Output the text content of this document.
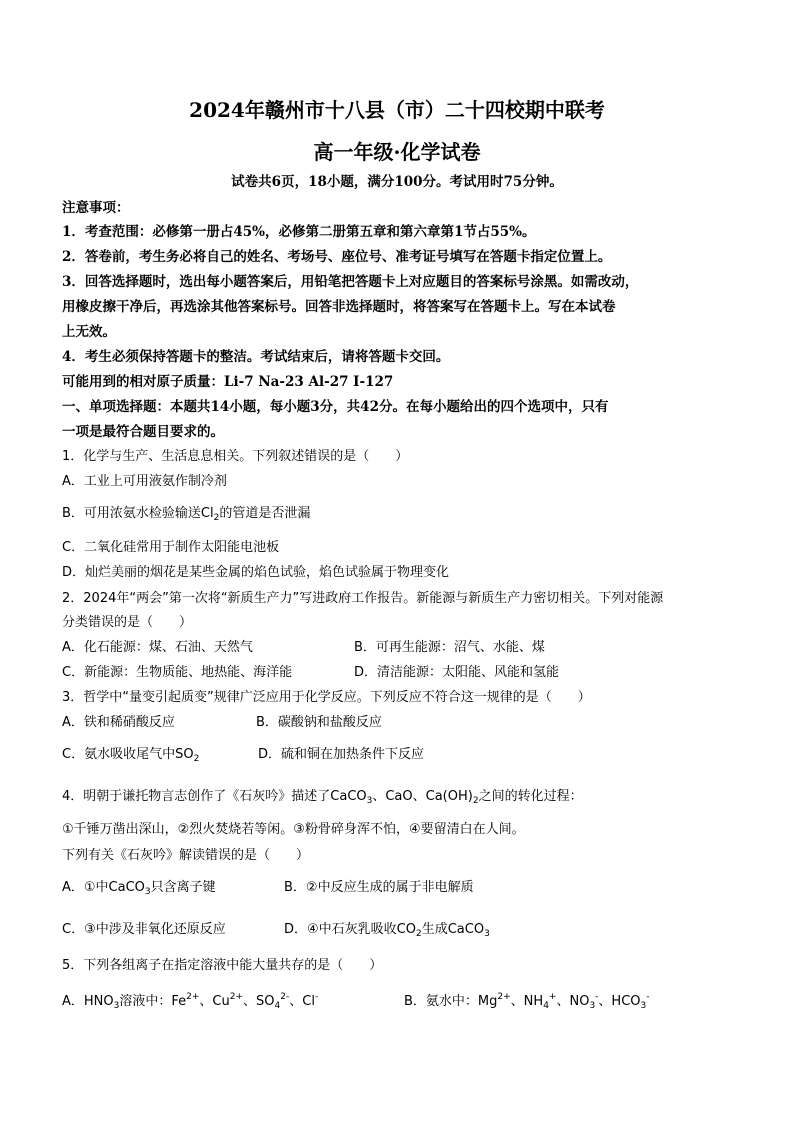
2024年赣州市十八县（市）二十四校期中联考
高一年级·化学试卷
试卷共6页，18小题，满分100分。考试用时75分钟。
注意事项：
1．考查范围：必修第一册占45%，必修第二册第五章和第六章第1节占55%。
2．答卷前，考生务必将自己的姓名、考场号、座位号、准考证号填写在答题卡指定位置上。
3．回答选择题时，选出每小题答案后，用铅笔把答题卡上对应题目的答案标号涂黑。如需改动，
用橡皮擦干净后，再选涂其他答案标号。回答非选择题时，将答案写在答题卡上。写在本试卷
上无效。
4．考生必须保持答题卡的整洁。考试结束后，请将答题卡交回。
可能用到的相对原子质量：Li-7 Na-23 Al-27 I-127
一、单项选择题：本题共14小题，每小题3分，共42分。在每小题给出的四个选项中，只有
一项是最符合题目要求的。
1．化学与生产、生活息息相关。下列叙述错误的是（　　）
A．工业上可用液氨作制冷剂
B．可用浓氨水检验输送$Cl_2$的管道是否泄漏
C．二氧化硅常用于制作太阳能电池板
D．灿烂美丽的烟花是某些金属的焰色试验，焰色试验属于物理变化
2．2024年“两会”第一次将“新质生产力”写进政府工作报告。新能源与新质生产力密切相关。下列对能源
分类错误的是（　　）
A．化石能源：煤、石油、天然气	B．可再生能源：沼气、水能、煤
C．新能源：生物质能、地热能、海洋能	D．清洁能源：太阳能、风能和氢能
3．哲学中“量变引起质变”规律广泛应用于化学反应。下列反应不符合这一规律的是（　　）
A．铁和稀硝酸反应	B．碳酸钠和盐酸反应
C．氨水吸收尾气中$SO_2$	D．硫和铜在加热条件下反应
4．明朝于谦托物言志创作了《石灰吟》描述了CaCO$_3$、CaO、$Ca(OH)_2$之间的转化过程：
①千锤万凿出深山，②烈火焚烧若等闲。③粉骨碎身浑不怕，④要留清白在人间。
下列有关《石灰吟》解读错误的是（　　）
A．①中CaCO$_3$只含离子键	B．②中反应生成的属于非电解质
C．③中涉及非氧化还原反应	D．④中石灰乳吸收$CO_2$生成CaCO$_3$
5．下列各组离子在指定溶液中能大量共存的是（　　）
A．$HNO_3$溶液中：$Fe^{2+}$、$Cu^{2+}$、$SO_4^{2-}$、Cl-	B．氨水中：$Mg^{2+}$、$NH_4^+$、$NO_3^-$、$HCO_3^-$
